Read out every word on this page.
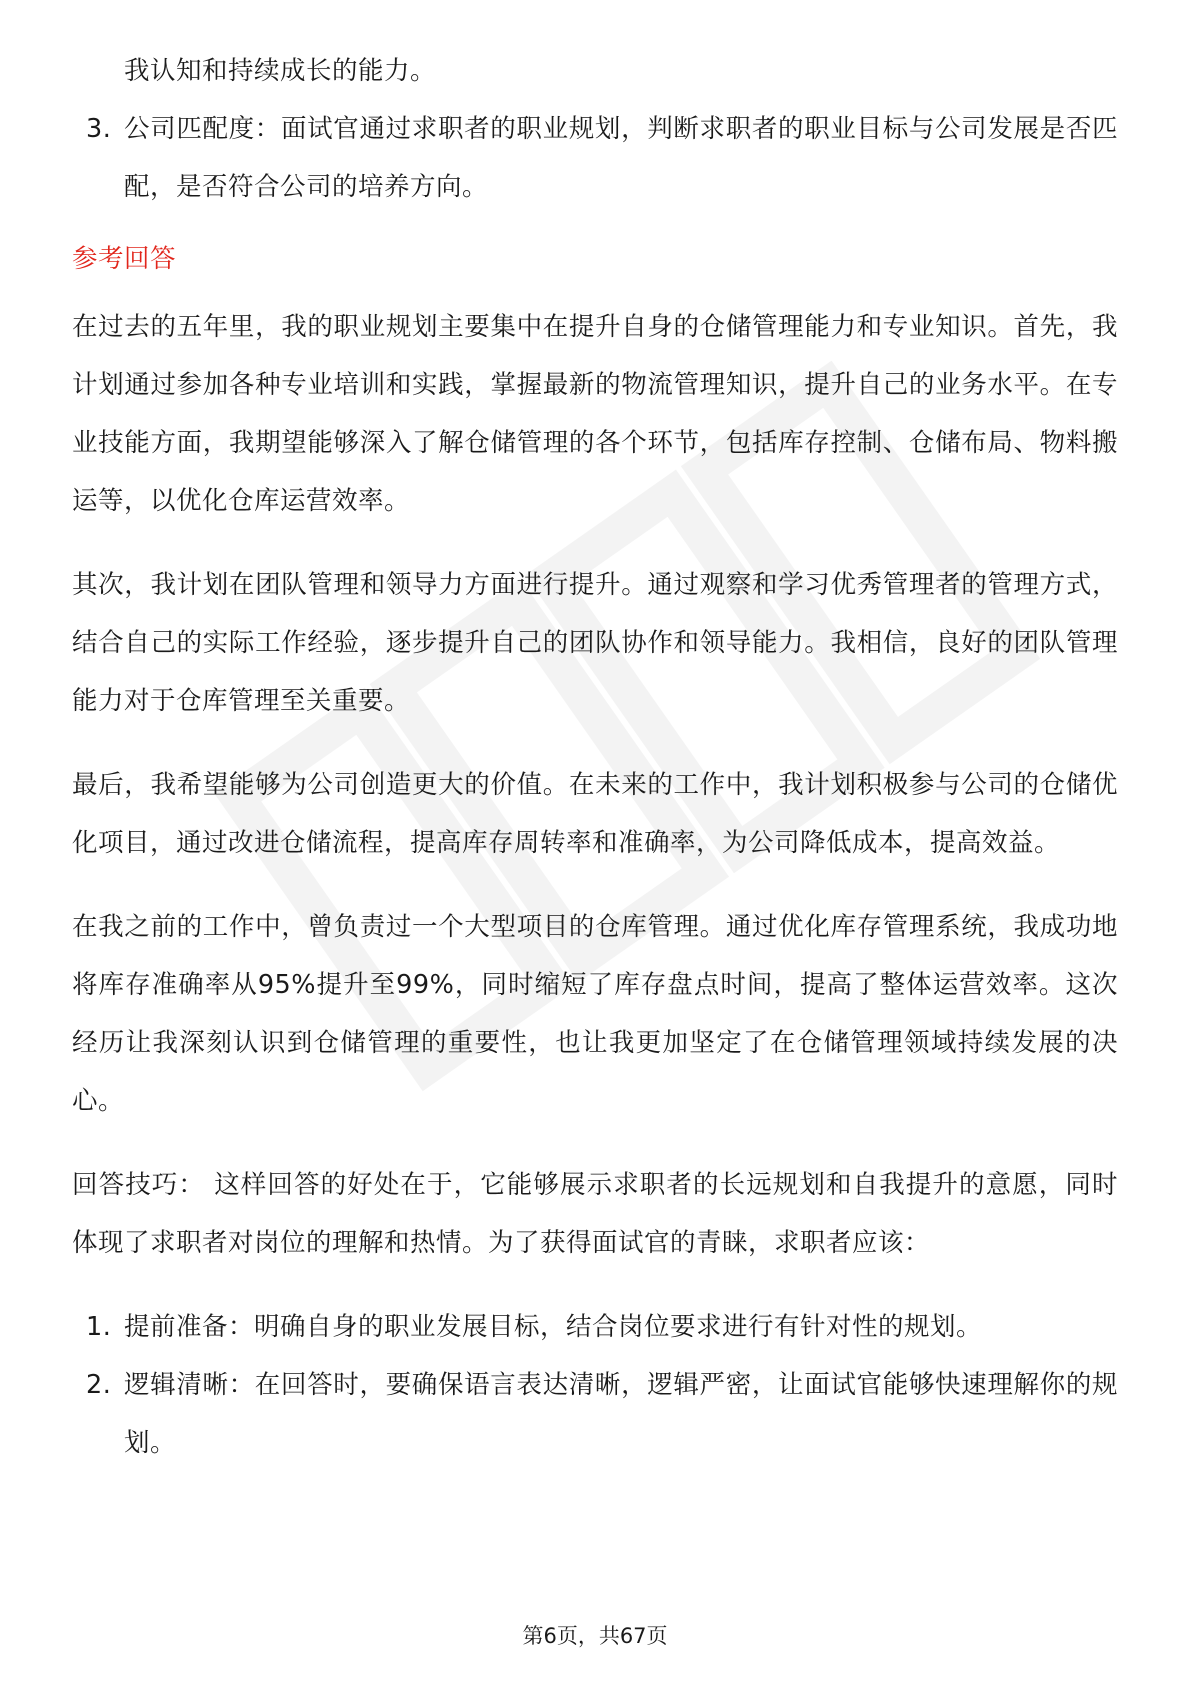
我认知和持续成长的能力。
3. 公司匹配度：面试官通过求职者的职业规划，判断求职者的职业目标与公司发展是否匹配，是否符合公司的培养方向。
参考回答

在过去的五年里，我的职业规划主要集中在提升自身的仓储管理能力和专业知识。首先，我计划通过参加各种专业培训和实践，掌握最新的物流管理知识，提升自己的业务水平。在专业技能方面，我期望能够深入了解仓储管理的各个环节，包括库存控制、仓储布局、物料搬运等，以优化仓库运营效率。

其次，我计划在团队管理和领导力方面进行提升。通过观察和学习优秀管理者的管理方式，结合自己的实际工作经验，逐步提升自己的团队协作和领导能力。我相信，良好的团队管理能力对于仓库管理至关重要。

最后，我希望能够为公司创造更大的价值。在未来的工作中，我计划积极参与公司的仓储优化项目，通过改进仓储流程，提高库存周转率和准确率，为公司降低成本，提高效益。

在我之前的工作中，曾负责过一个大型项目的仓库管理。通过优化库存管理系统，我成功地将库存准确率从95%提升至99%，同时缩短了库存盘点时间，提高了整体运营效率。这次经历让我深刻认识到仓储管理的重要性，也让我更加坚定了在仓储管理领域持续发展的决心。

回答技巧： 这样回答的好处在于，它能够展示求职者的长远规划和自我提升的意愿，同时体现了求职者对岗位的理解和热情。为了获得面试官的青睐，求职者应该：

1. 提前准备：明确自身的职业发展目标，结合岗位要求进行有针对性的规划。
2. 逻辑清晰：在回答时，要确保语言表达清晰，逻辑严密，让面试官能够快速理解你的规划。
第6页，共67页
